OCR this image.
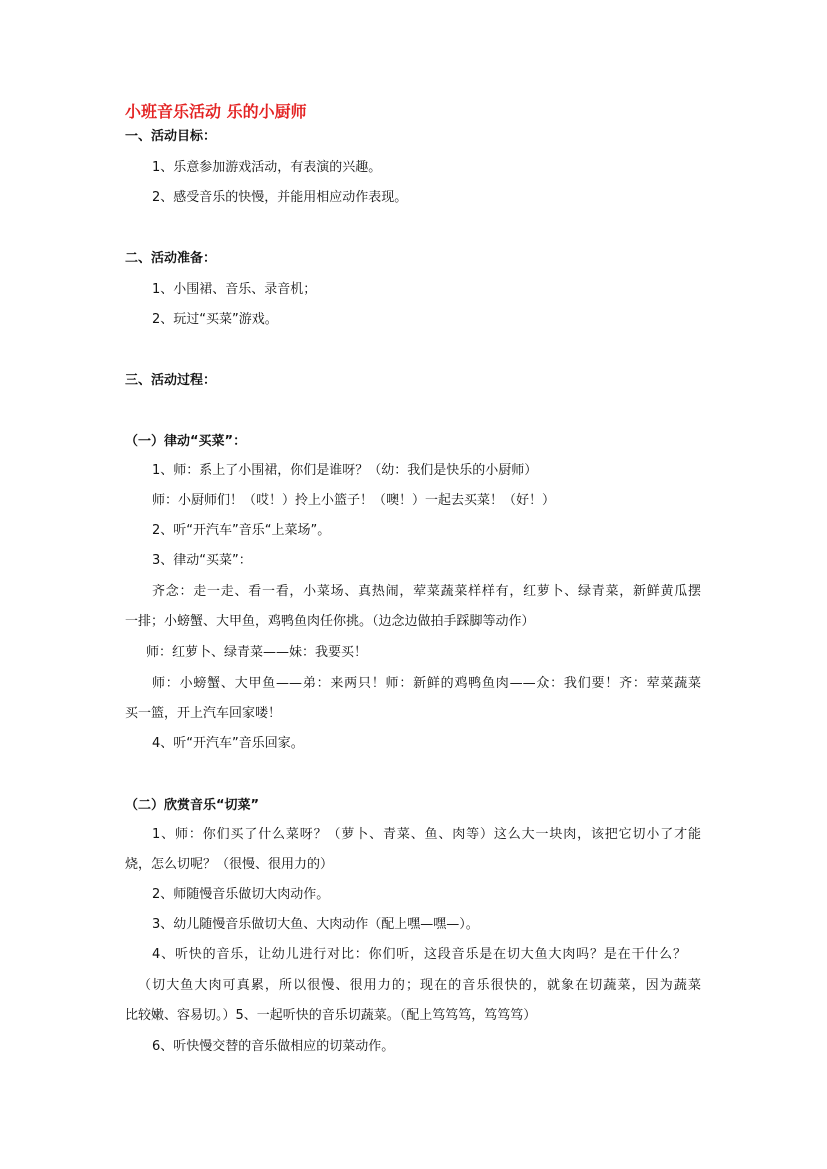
小班音乐活动 乐的小厨师
一、活动目标：
1、乐意参加游戏活动，有表演的兴趣。
2、感受音乐的快慢，并能用相应动作表现。
二、活动准备：
1、小围裙、音乐、录音机；
2、玩过“买菜”游戏。
三、活动过程：
（一）律动“买菜”：
1、师：系上了小围裙，你们是谁呀？（幼：我们是快乐的小厨师）
师：小厨师们！（哎！）拎上小篮子！（噢！）一起去买菜！（好！）
2、听“开汽车”音乐“上菜场”。
3、律动“买菜”：
齐念：走一走、看一看，小菜场、真热闹，荤菜蔬菜样样有，红萝卜、绿青菜，新鲜黄瓜摆
一排；小螃蟹、大甲鱼，鸡鸭鱼肉任你挑。（边念边做拍手踩脚等动作）
师：红萝卜、绿青菜——妹：我要买！
师：小螃蟹、大甲鱼——弟：来两只！师：新鲜的鸡鸭鱼肉——众：我们要！齐：荤菜蔬菜
买一篮，开上汽车回家喽！
4、听“开汽车”音乐回家。
（二）欣赏音乐“切菜”
1、师：你们买了什么菜呀？（萝卜、青菜、鱼、肉等）这么大一块肉，该把它切小了才能
烧，怎么切呢？（很慢、很用力的）
2、师随慢音乐做切大肉动作。
3、幼儿随慢音乐做切大鱼、大肉动作（配上嘿—嘿—）。
4、听快的音乐，让幼儿进行对比：你们听，这段音乐是在切大鱼大肉吗？是在干什么？
（切大鱼大肉可真累，所以很慢、很用力的；现在的音乐很快的，就象在切蔬菜，因为蔬菜
比较嫩、容易切。）5、一起听快的音乐切蔬菜。（配上笃笃笃，笃笃笃）
6、听快慢交替的音乐做相应的切菜动作。
